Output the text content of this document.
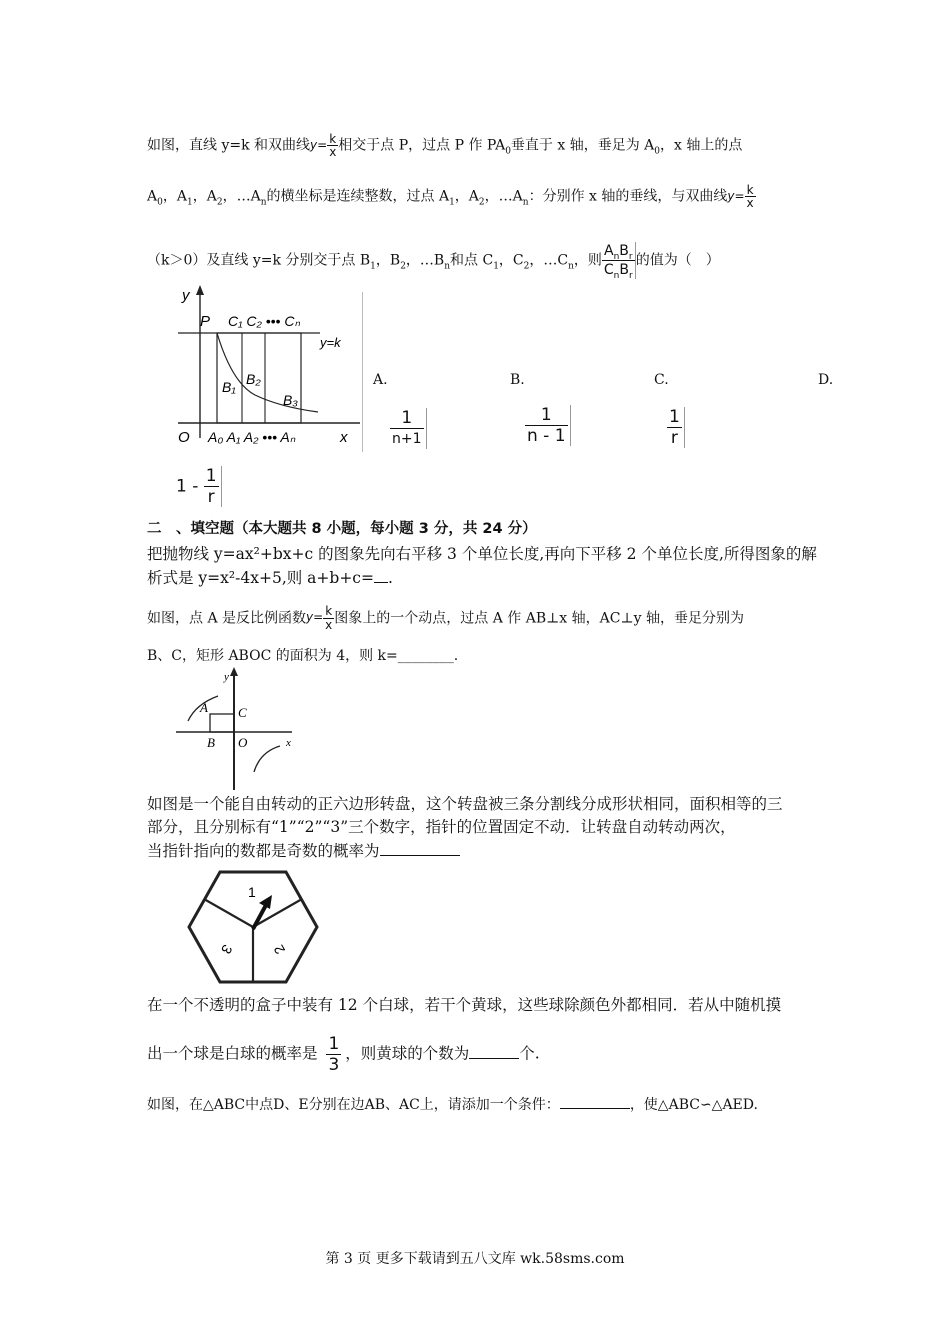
如图，直线 y=k 和双曲线 $y= \frac{k}{x}$ 相交于点 P，过点 P 作 $PA_0$垂直于 x 轴，垂足为 $A_0$，x 轴上的点
$A_0$，$A_1$，$A_2$，$\dots A_n$的横坐标是连续整数，过点 $A_1$，$A_2$，$\dots A_n$：分别作 x 轴的垂线，与双曲线 $y= \frac{k}{x}$
（k＞0）及直线 y=k 分别交于点 $B_1$，$B_2$，$\dots B_n$和点 $C_1$，$C_2$，$\dots C_n$，则 $\frac{A_nB_r}{C_nB_r}$ 的值为（　）
y
P C₁ C₂ ••• Cₙ
y=k
B₁ B₂
B₃
O A₀ A₁ A₂ ••• Aₙ	x
A.	B.	C.	D.
1
n+1	$\frac{1}{n - 1}$	$\frac{1}{r}$
$1 - \frac{1}{r}$
二　、填空题（本大题共 8 小题，每小题 3 分，共 24 分）
把抛物线 y=ax²+bx+c 的图象先向右平移 3 个单位长度,再向下平移 2 个单位长度,所得图象的解
析式是 y=x²-4x+5,则 a+b+c= .
如图，点 A 是反比例函数 $y= \frac{k}{x}$ 图象上的一个动点，过点 A 作 AB⊥x 轴，AC⊥y 轴，垂足分别为
B、C，矩形 ABOC 的面积为 4，则 k=________.
y
A C
B O	x
如图是一个能自由转动的正六边形转盘，这个转盘被三条分割线分成形状相同，面积相等的三
部分，且分别标有“1”“2”“3”三个数字，指针的位置固定不动．让转盘自动转动两次，
当指针指向的数都是奇数的概率为
1
2
3
在一个不透明的盒子中装有 12 个白球，若干个黄球，这些球除颜色外都相同．若从中随机摸
出一个球是白球的概率是 $\frac{1}{3}$ ，则黄球的个数为	个.
如图，在△ABC中点D、E分别在边AB、AC上，请添加一个条件：	，使△ABC∽△AED.
第 3 页 更多下载请到五八文库 wk.58sms.com
